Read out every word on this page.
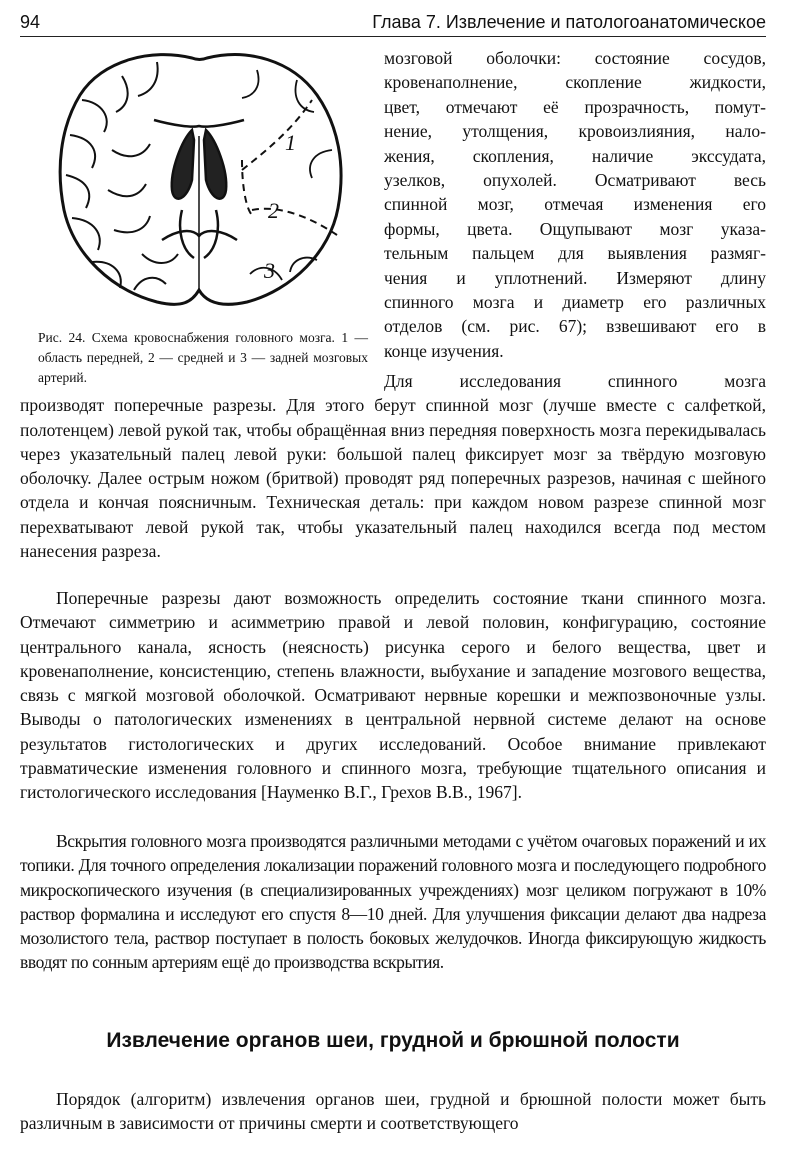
94	Глава 7. Извлечение и патологоанатомическое
1
2
3
Рис. 24. Схема кровоснабжения головного мозга. 1 — область передней, 2 — средней и 3 — задней мозговых артерий.
мозговой оболочки: состояние сосудов,
кровенаполнение, скопление жидкости,
цвет, отмечают её прозрачность, помут-
нение, утолщения, кровоизлияния, нало-
жения, скопления, наличие экссудата,
узелков, опухолей. Осматривают весь
спинной мозг, отмечая изменения его
формы, цвета. Ощупывают мозг указа-
тельным пальцем для выявления размяг-
чения и уплотнений. Измеряют длину
спинного мозга и диаметр его различных
отделов (см. рис. 67); взвешивают его в
конце изучения.

Для исследования спинного мозга

производят поперечные разрезы. Для этого берут спинной мозг (лучше вместе с салфеткой, полотенцем) левой рукой так, чтобы обращённая вниз передняя поверхность мозга перекидывалась через указательный палец левой руки: большой палец фиксирует мозг за твёрдую мозговую оболочку. Далее острым ножом (бритвой) проводят ряд поперечных разрезов, начиная с шейного отдела и кончая поясничным. Техническая деталь: при каждом новом разрезе спинной мозг перехватывают левой рукой так, чтобы указательный палец находился всегда под местом нанесения разреза.

Поперечные разрезы дают возможность определить состояние ткани спинного мозга. Отмечают симметрию и асимметрию правой и левой половин, конфигурацию, состояние центрального канала, ясность (неясность) рисунка серого и белого вещества, цвет и кровенаполнение, консистенцию, степень влажности, выбухание и западение мозгового вещества, связь с мягкой мозговой оболочкой. Осматривают нервные корешки и межпозвоночные узлы. Выводы о патологических изменениях в центральной нервной системе делают на основе результатов гистологических и других исследований. Особое внимание привлекают травматические изменения головного и спинного мозга, требующие тщательного описания и гистологического исследования [Науменко В.Г., Грехов В.В., 1967].

Вскрытия головного мозга производятся различными методами с учётом очаговых поражений и их топики. Для точного определения локализации поражений головного мозга и последующего подробного микроскопического изучения (в специализированных учреждениях) мозг целиком погружают в 10% раствор формалина и исследуют его спустя 8—10 дней. Для улучшения фиксации делают два надреза мозолистого тела, раствор поступает в полость боковых желудочков. Иногда фиксирующую жидкость вводят по сонным артериям ещё до производства вскрытия.

Извлечение органов шеи, грудной и брюшной полости

Порядок (алгоритм) извлечения органов шеи, грудной и брюшной полости может быть различным в зависимости от причины смерти и соответствующего
